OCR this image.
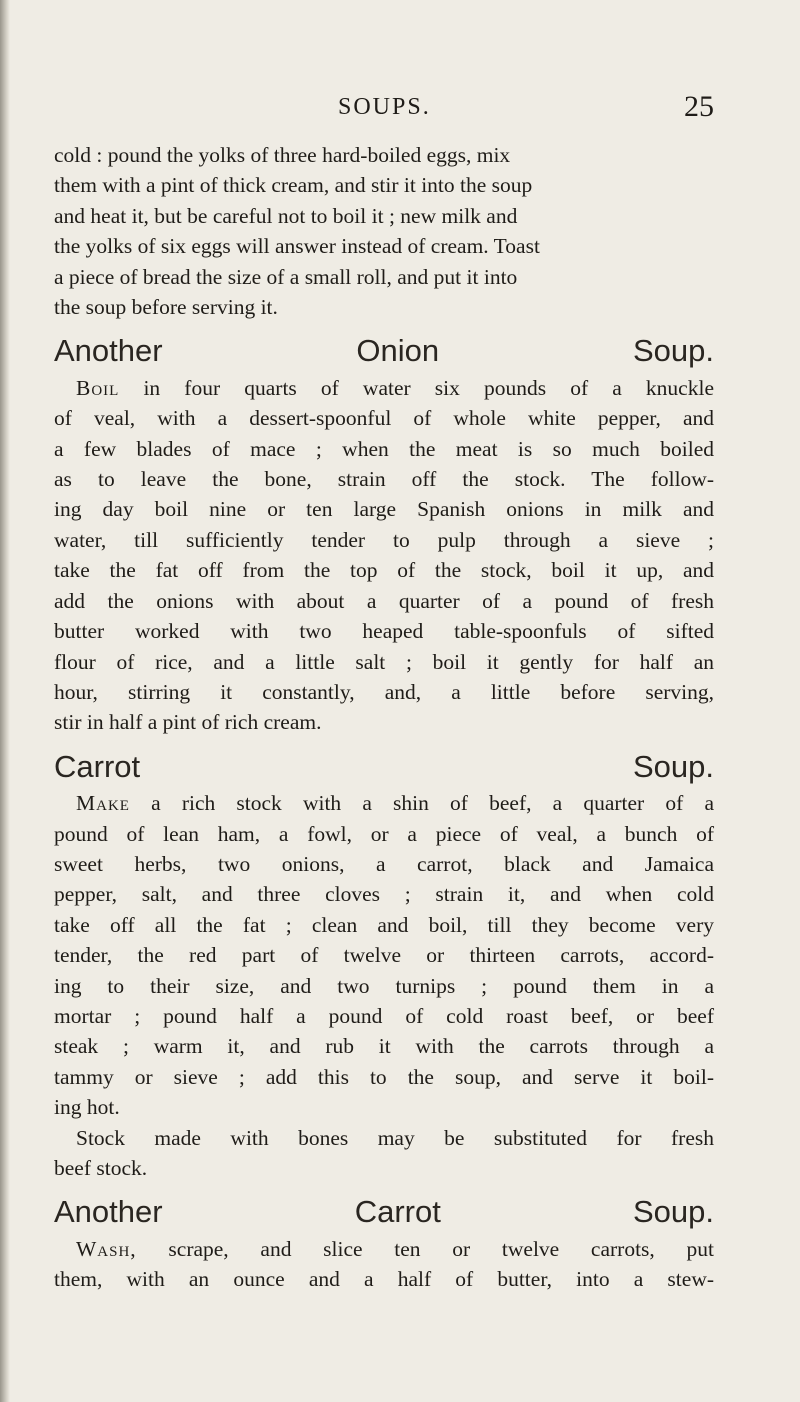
SOUPS.	25
cold : pound the yolks of three hard-boiled eggs, mix
them with a pint of thick cream, and stir it into the soup
and heat it, but be careful not to boil it ; new milk and
the yolks of six eggs will answer instead of cream. Toast
a piece of bread the size of a small roll, and put it into
the soup before serving it.
Another Onion Soup.
Boil in four quarts of water six pounds of a knuckle
of veal, with a dessert-spoonful of whole white pepper, and
a few blades of mace ; when the meat is so much boiled
as to leave the bone, strain off the stock. The follow-
ing day boil nine or ten large Spanish onions in milk and
water, till sufficiently tender to pulp through a sieve ;
take the fat off from the top of the stock, boil it up, and
add the onions with about a quarter of a pound of fresh
butter worked with two heaped table-spoonfuls of sifted
flour of rice, and a little salt ; boil it gently for half an
hour, stirring it constantly, and, a little before serving,
stir in half a pint of rich cream.
Carrot Soup.
Make a rich stock with a shin of beef, a quarter of a
pound of lean ham, a fowl, or a piece of veal, a bunch of
sweet herbs, two onions, a carrot, black and Jamaica
pepper, salt, and three cloves ; strain it, and when cold
take off all the fat ; clean and boil, till they become very
tender, the red part of twelve or thirteen carrots, accord-
ing to their size, and two turnips ; pound them in a
mortar ; pound half a pound of cold roast beef, or beef
steak ; warm it, and rub it with the carrots through a
tammy or sieve ; add this to the soup, and serve it boil-
ing hot.
Stock made with bones may be substituted for fresh
beef stock.
Another Carrot Soup.
Wash, scrape, and slice ten or twelve carrots, put
them, with an ounce and a half of butter, into a stew-
